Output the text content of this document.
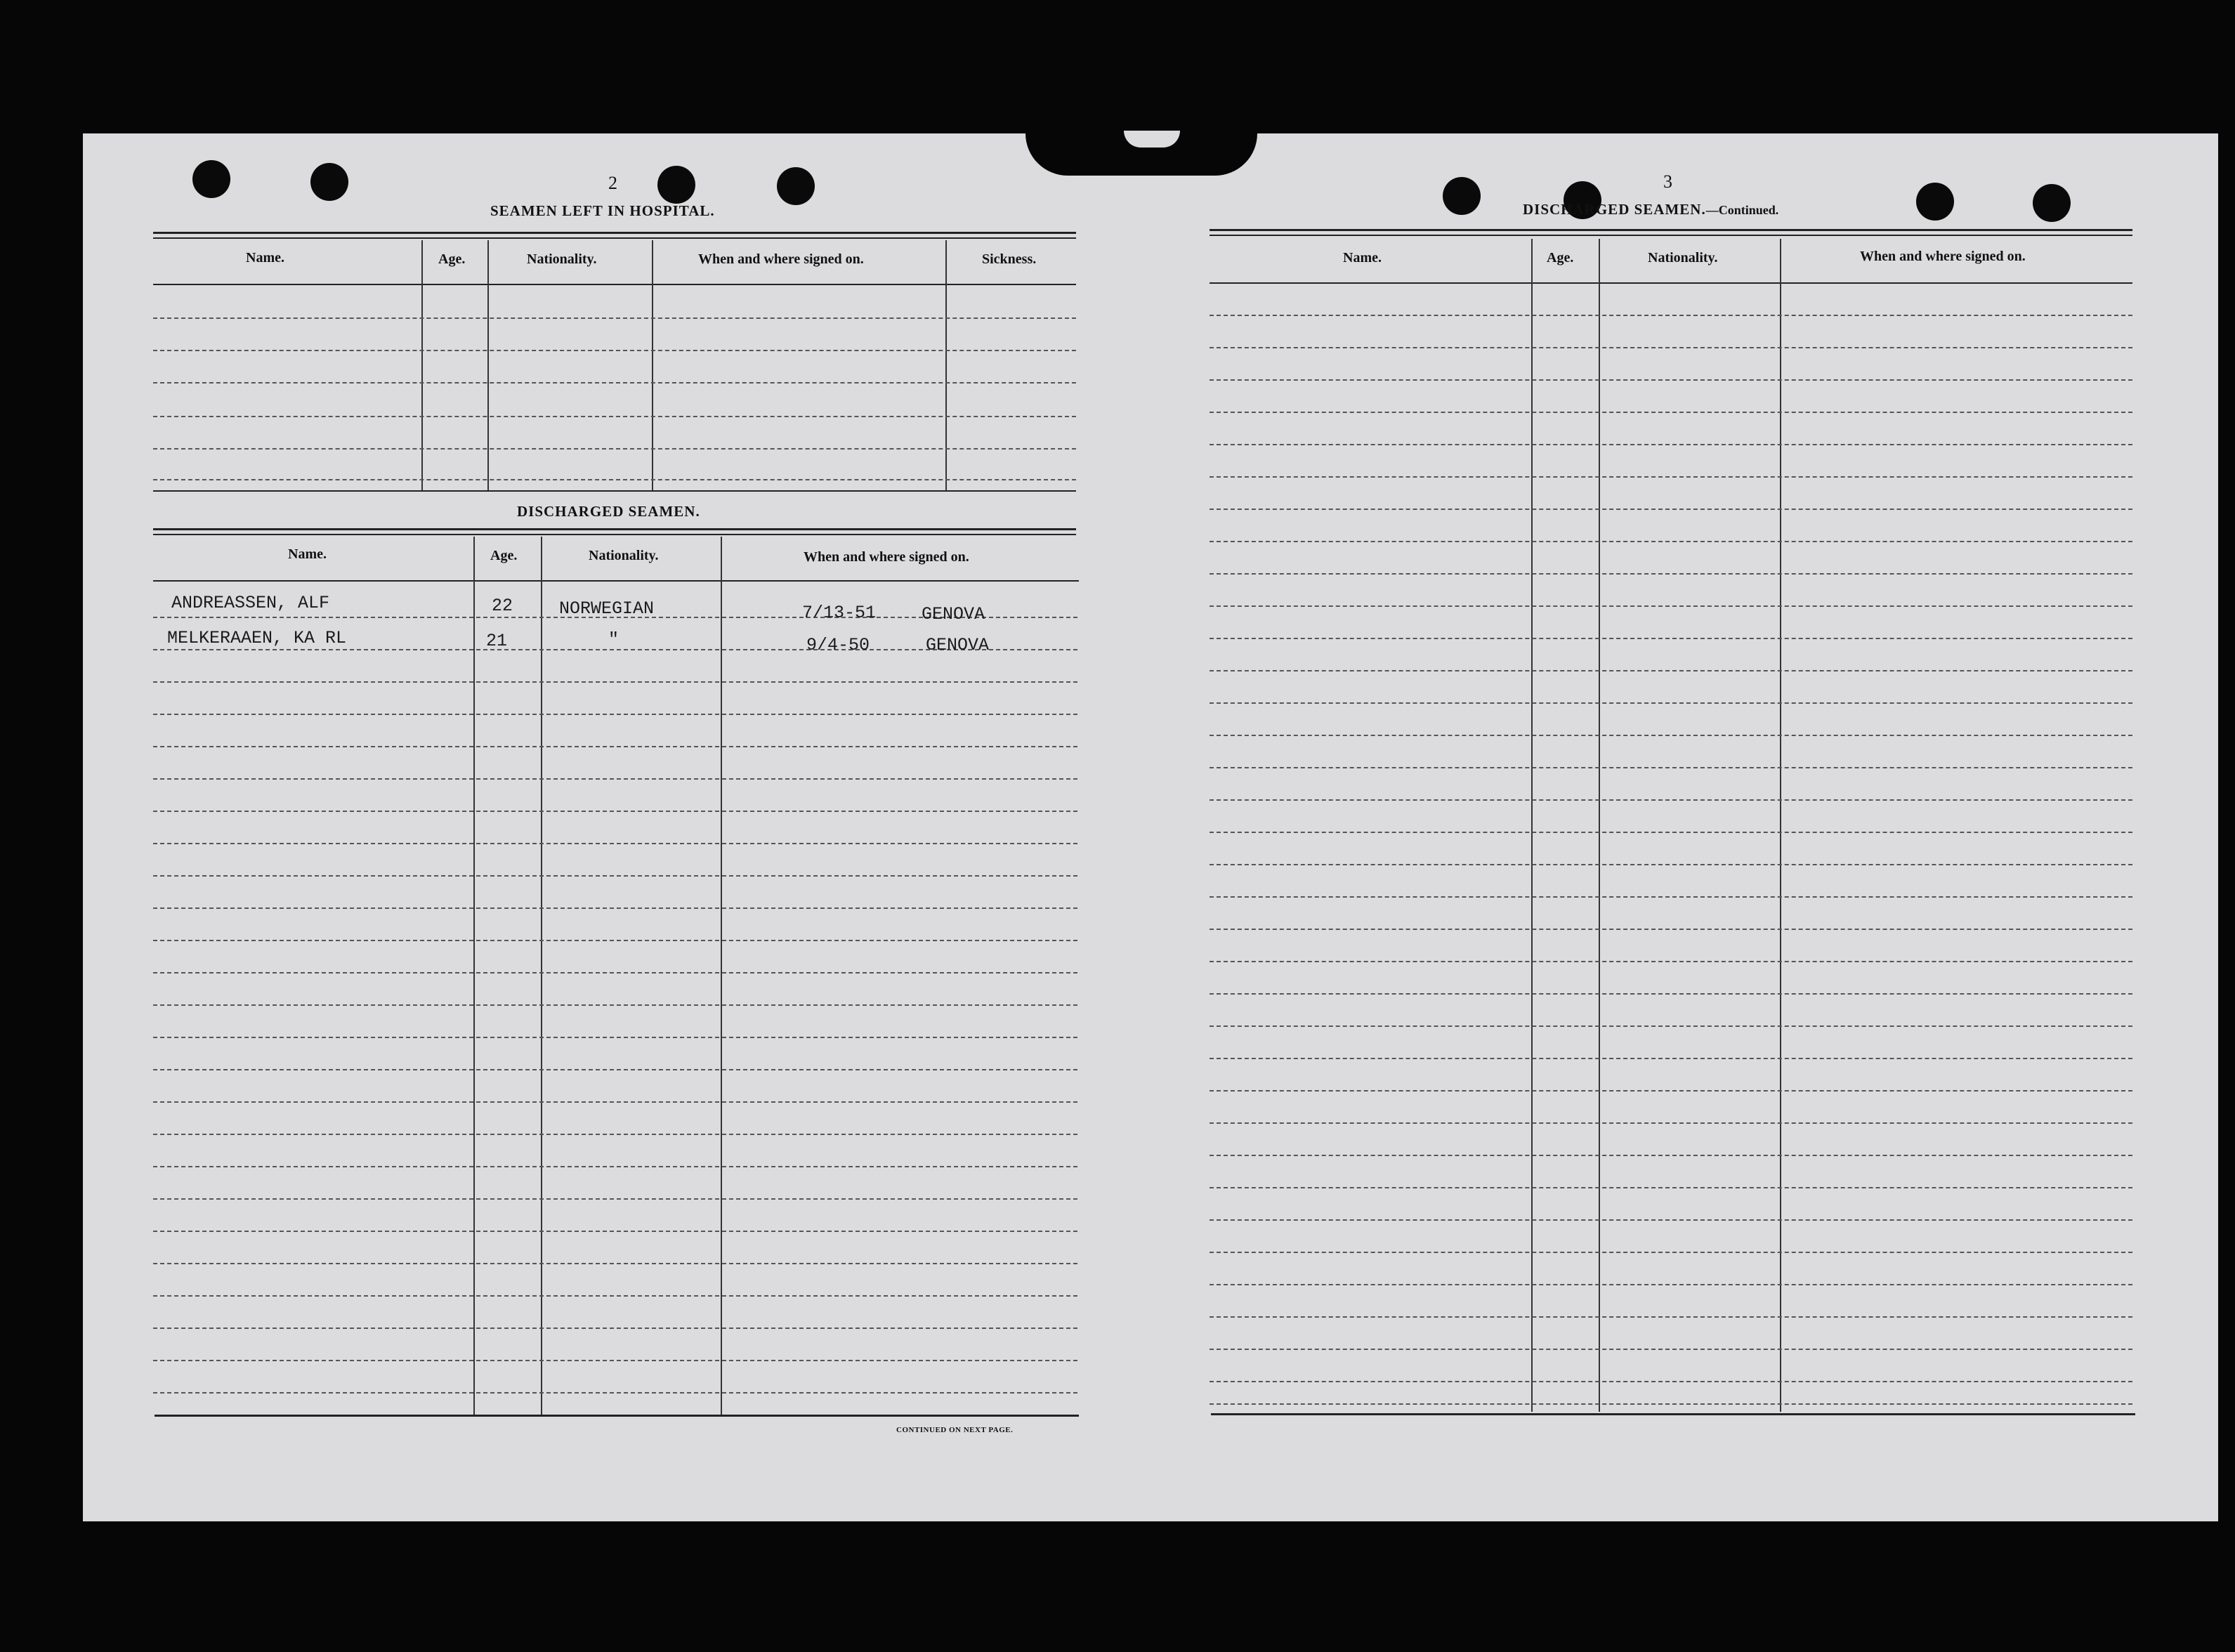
2
SEAMEN LEFT IN HOSPITAL.
Name.	Age.	Nationality.	When and where signed on.	Sickness.
DISCHARGED SEAMEN.
Name.	Age.	Nationality.	When and where signed on.
ANDREASSEN, ALF	22	NORWEGIAN	7/13-51	GENOVA
MELKERAAEN, KA RL	21	"	9/4-50	GENOVA
CONTINUED ON NEXT PAGE.
3
DISCHARGED SEAMEN.—Continued.
Name.	Age.	Nationality.	When and where signed on.
